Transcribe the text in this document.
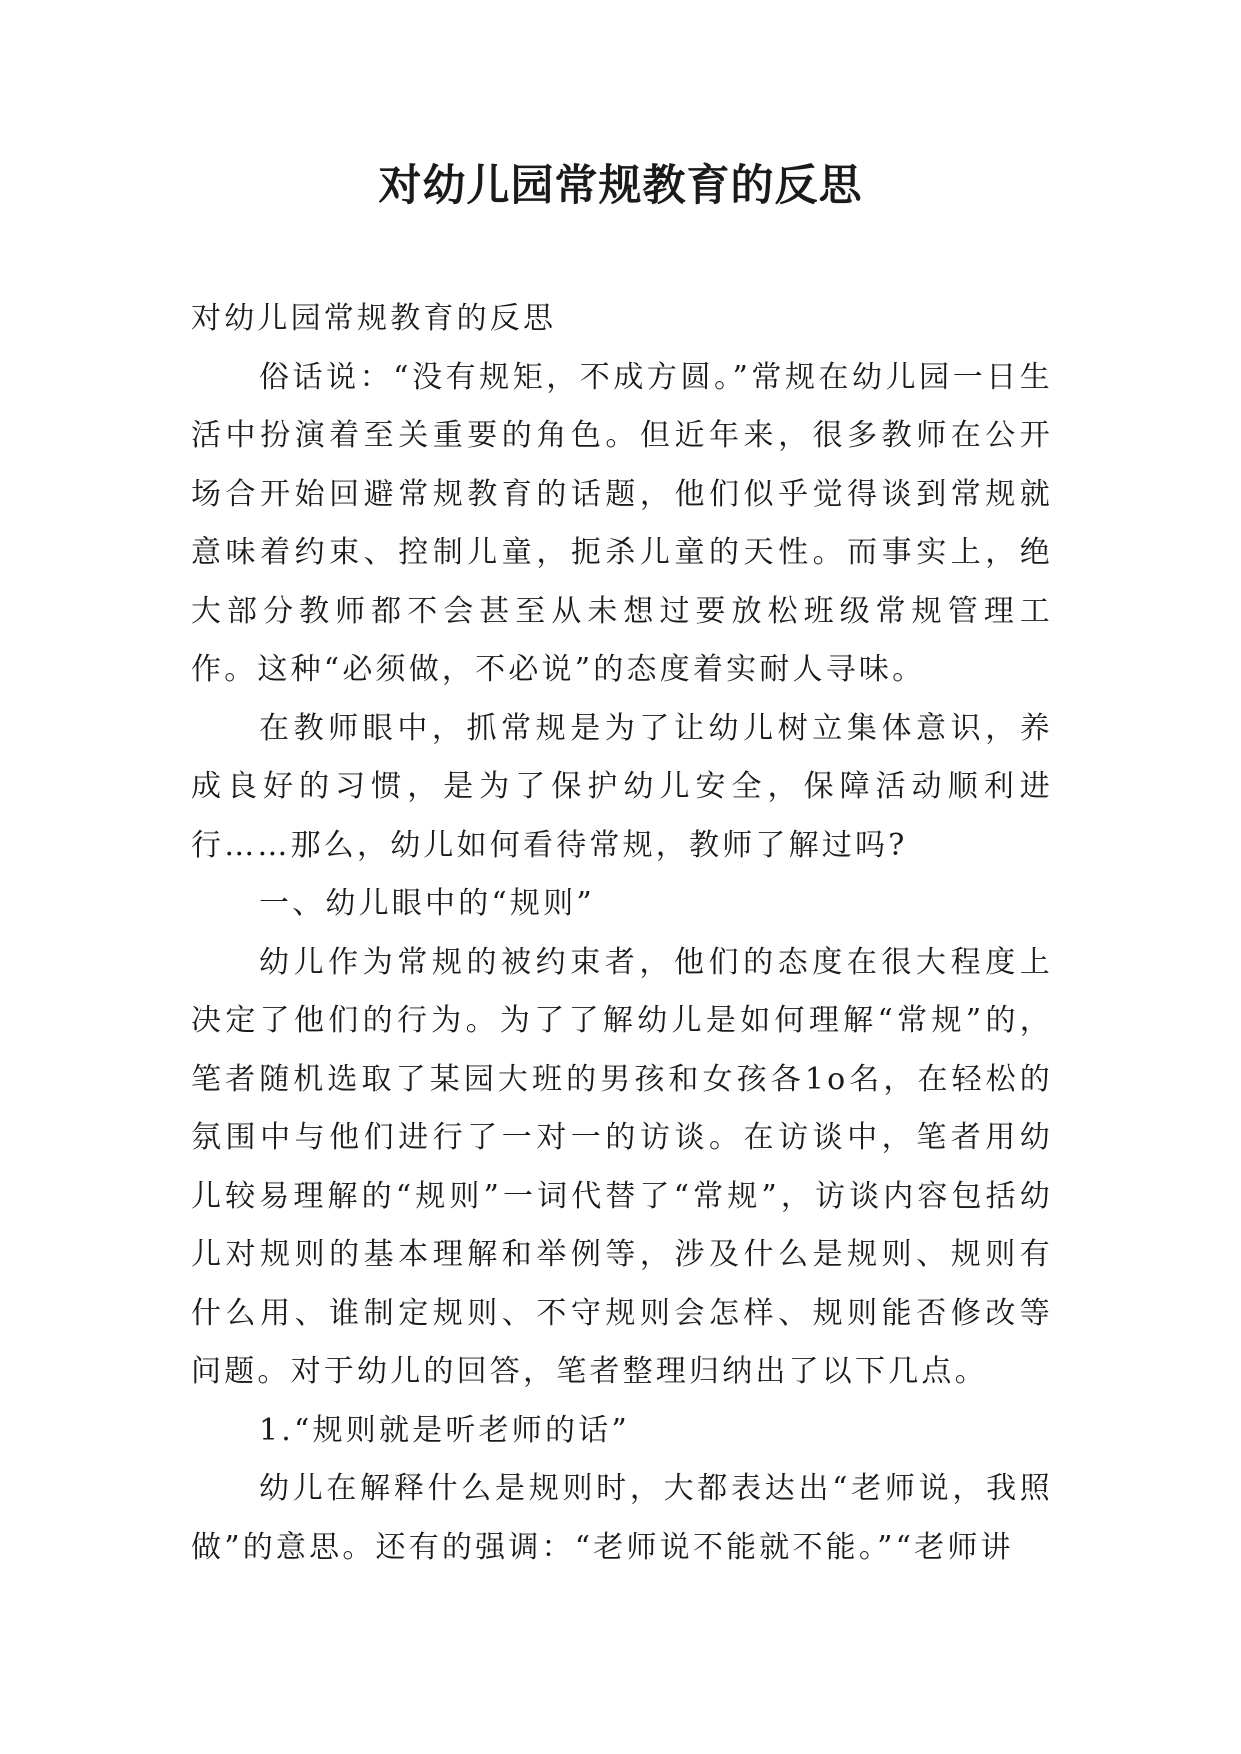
对幼儿园常规教育的反思

对幼儿园常规教育的反思

俗话说：“没有规矩，不成方圆。”常规在幼儿园一日生活中扮演着至关重要的角色。但近年来，很多教师在公开场合开始回避常规教育的话题，他们似乎觉得谈到常规就意味着约束、控制儿童，扼杀儿童的天性。而事实上，绝大部分教师都不会甚至从未想过要放松班级常规管理工作。这种“必须做，不必说”的态度着实耐人寻味。

在教师眼中，抓常规是为了让幼儿树立集体意识，养成良好的习惯，是为了保护幼儿安全，保障活动顺利进行……那么，幼儿如何看待常规，教师了解过吗?

一、幼儿眼中的“规则”

幼儿作为常规的被约束者，他们的态度在很大程度上决定了他们的行为。为了了解幼儿是如何理解“常规”的，笔者随机选取了某园大班的男孩和女孩各1o名，在轻松的氛围中与他们进行了一对一的访谈。在访谈中，笔者用幼儿较易理解的“规则”一词代替了“常规”，访谈内容包括幼儿对规则的基本理解和举例等，涉及什么是规则、规则有什么用、谁制定规则、不守规则会怎样、规则能否修改等问题。对于幼儿的回答，笔者整理归纳出了以下几点。

1.“规则就是听老师的话”

幼儿在解释什么是规则时，大都表达出“老师说，我照做”的意思。还有的强调：“老师说不能就不能。”“老师讲
